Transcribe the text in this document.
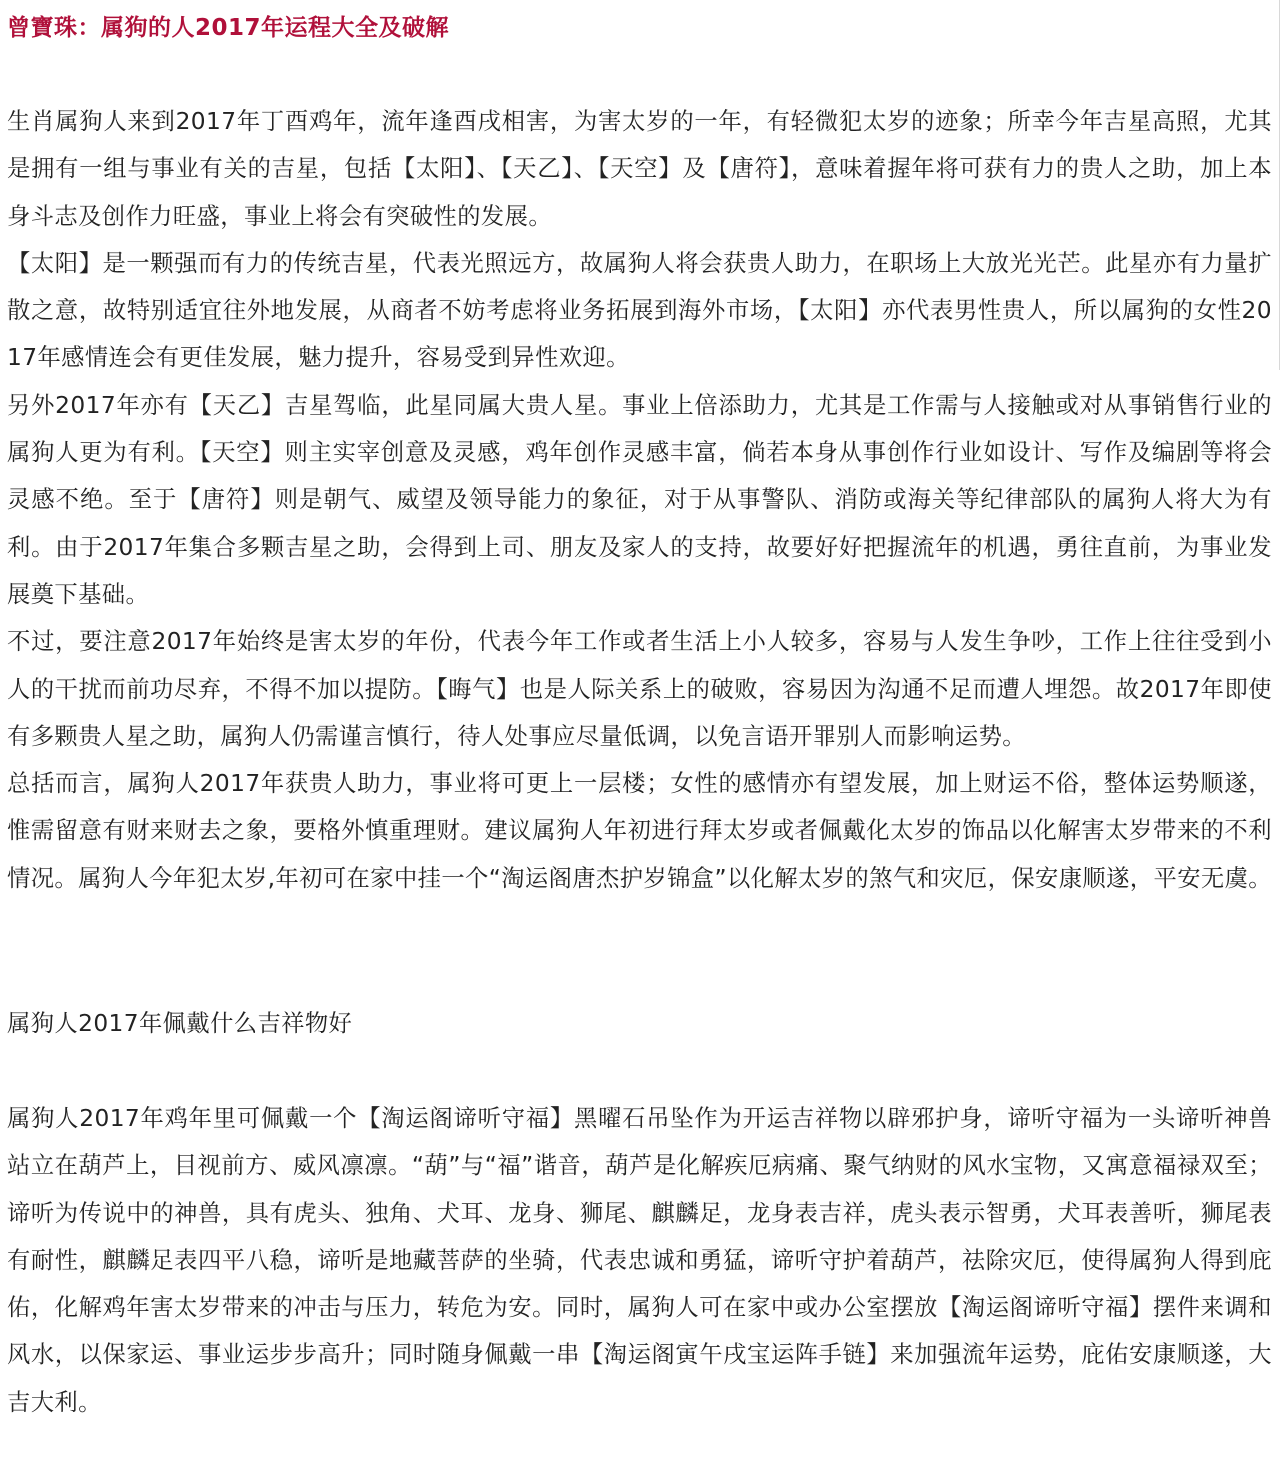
曾寶珠：属狗的人2017年运程大全及破解

生肖属狗人来到2017年丁酉鸡年，流年逢酉戌相害，为害太岁的一年，有轻微犯太岁的迹象；所幸今年吉星高照，尤其是拥有一组与事业有关的吉星，包括【太阳】、【天乙】、【天空】及【唐符】，意味着握年将可获有力的贵人之助，加上本身斗志及创作力旺盛，事业上将会有突破性的发展。

【太阳】是一颗强而有力的传统吉星，代表光照远方，故属狗人将会获贵人助力，在职场上大放光光芒。此星亦有力量扩散之意，故特别适宜往外地发展，从商者不妨考虑将业务拓展到海外市场，【太阳】亦代表男性贵人，所以属狗的女性2017年感情连会有更佳发展，魅力提升，容易受到异性欢迎。

另外2017年亦有【天乙】吉星驾临，此星同属大贵人星。事业上倍添助力，尤其是工作需与人接触或对从事销售行业的属狗人更为有利。【天空】则主实宰创意及灵感，鸡年创作灵感丰富，倘若本身从事创作行业如设计、写作及编剧等将会灵感不绝。至于【唐符】则是朝气、威望及领导能力的象征，对于从事警队、消防或海关等纪律部队的属狗人将大为有利。由于2017年集合多颗吉星之助，会得到上司、朋友及家人的支持，故要好好把握流年的机遇，勇往直前，为事业发展奠下基础。

不过，要注意2017年始终是害太岁的年份，代表今年工作或者生活上小人较多，容易与人发生争吵，工作上往往受到小人的干扰而前功尽弃，不得不加以提防。【晦气】也是人际关系上的破败，容易因为沟通不足而遭人埋怨。故2017年即使有多颗贵人星之助，属狗人仍需谨言慎行，待人处事应尽量低调，以免言语开罪别人而影响运势。

总括而言，属狗人2017年获贵人助力，事业将可更上一层楼；女性的感情亦有望发展，加上财运不俗，整体运势顺遂，惟需留意有财来财去之象，要格外慎重理财。建议属狗人年初进行拜太岁或者佩戴化太岁的饰品以化解害太岁带来的不利情况。属狗人今年犯太岁,年初可在家中挂一个“淘运阁唐杰护岁锦盒”以化解太岁的煞气和灾厄，保安康顺遂，平安无虞。

属狗人2017年佩戴什么吉祥物好

属狗人2017年鸡年里可佩戴一个【淘运阁谛听守福】黑曜石吊坠作为开运吉祥物以辟邪护身，谛听守福为一头谛听神兽站立在葫芦上，目视前方、威风凛凛。“葫”与“福”谐音，葫芦是化解疾厄病痛、聚气纳财的风水宝物，又寓意福禄双至；谛听为传说中的神兽，具有虎头、独角、犬耳、龙身、狮尾、麒麟足，龙身表吉祥，虎头表示智勇，犬耳表善听，狮尾表有耐性，麒麟足表四平八稳，谛听是地藏菩萨的坐骑，代表忠诚和勇猛，谛听守护着葫芦，祛除灾厄，使得属狗人得到庇佑，化解鸡年害太岁带来的冲击与压力，转危为安。同时，属狗人可在家中或办公室摆放【淘运阁谛听守福】摆件来调和风水，以保家运、事业运步步高升；同时随身佩戴一串【淘运阁寅午戌宝运阵手链】来加强流年运势，庇佑安康顺遂，大吉大利。
